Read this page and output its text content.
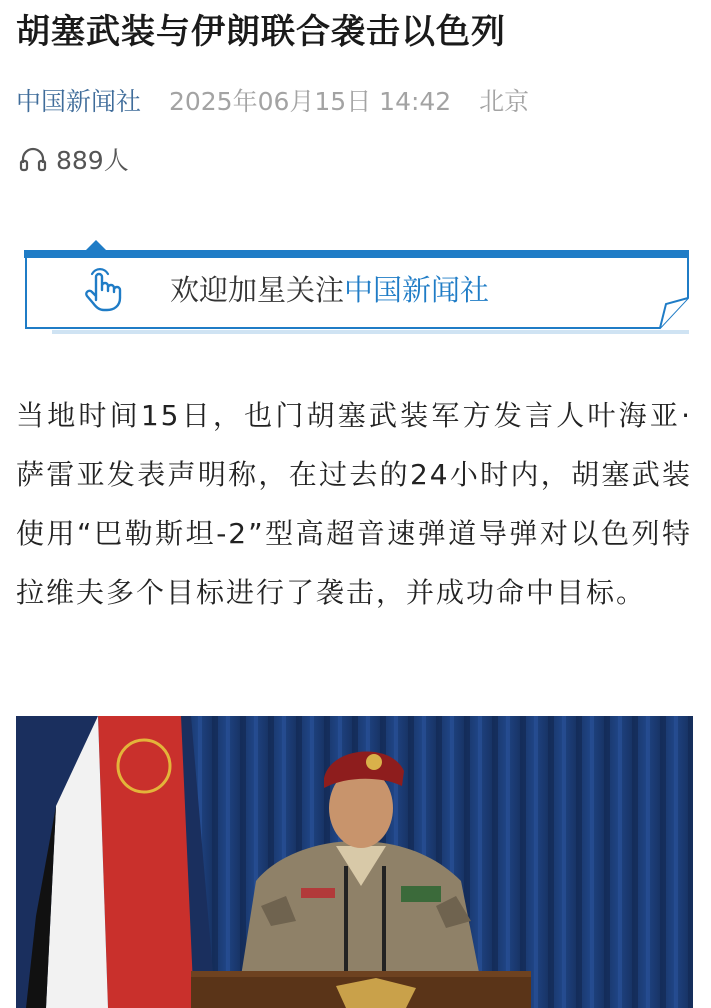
胡塞武装与伊朗联合袭击以色列
中国新闻社 2025年06月15日 14:42 北京
889人
欢迎加星关注中国新闻社
当地时间15日，也门胡塞武装军方发言人叶海亚·萨雷亚发表声明称，在过去的24小时内，胡塞武装使用“巴勒斯坦-2”型高超音速弹道导弹对以色列特拉维夫多个目标进行了袭击，并成功命中目标。
